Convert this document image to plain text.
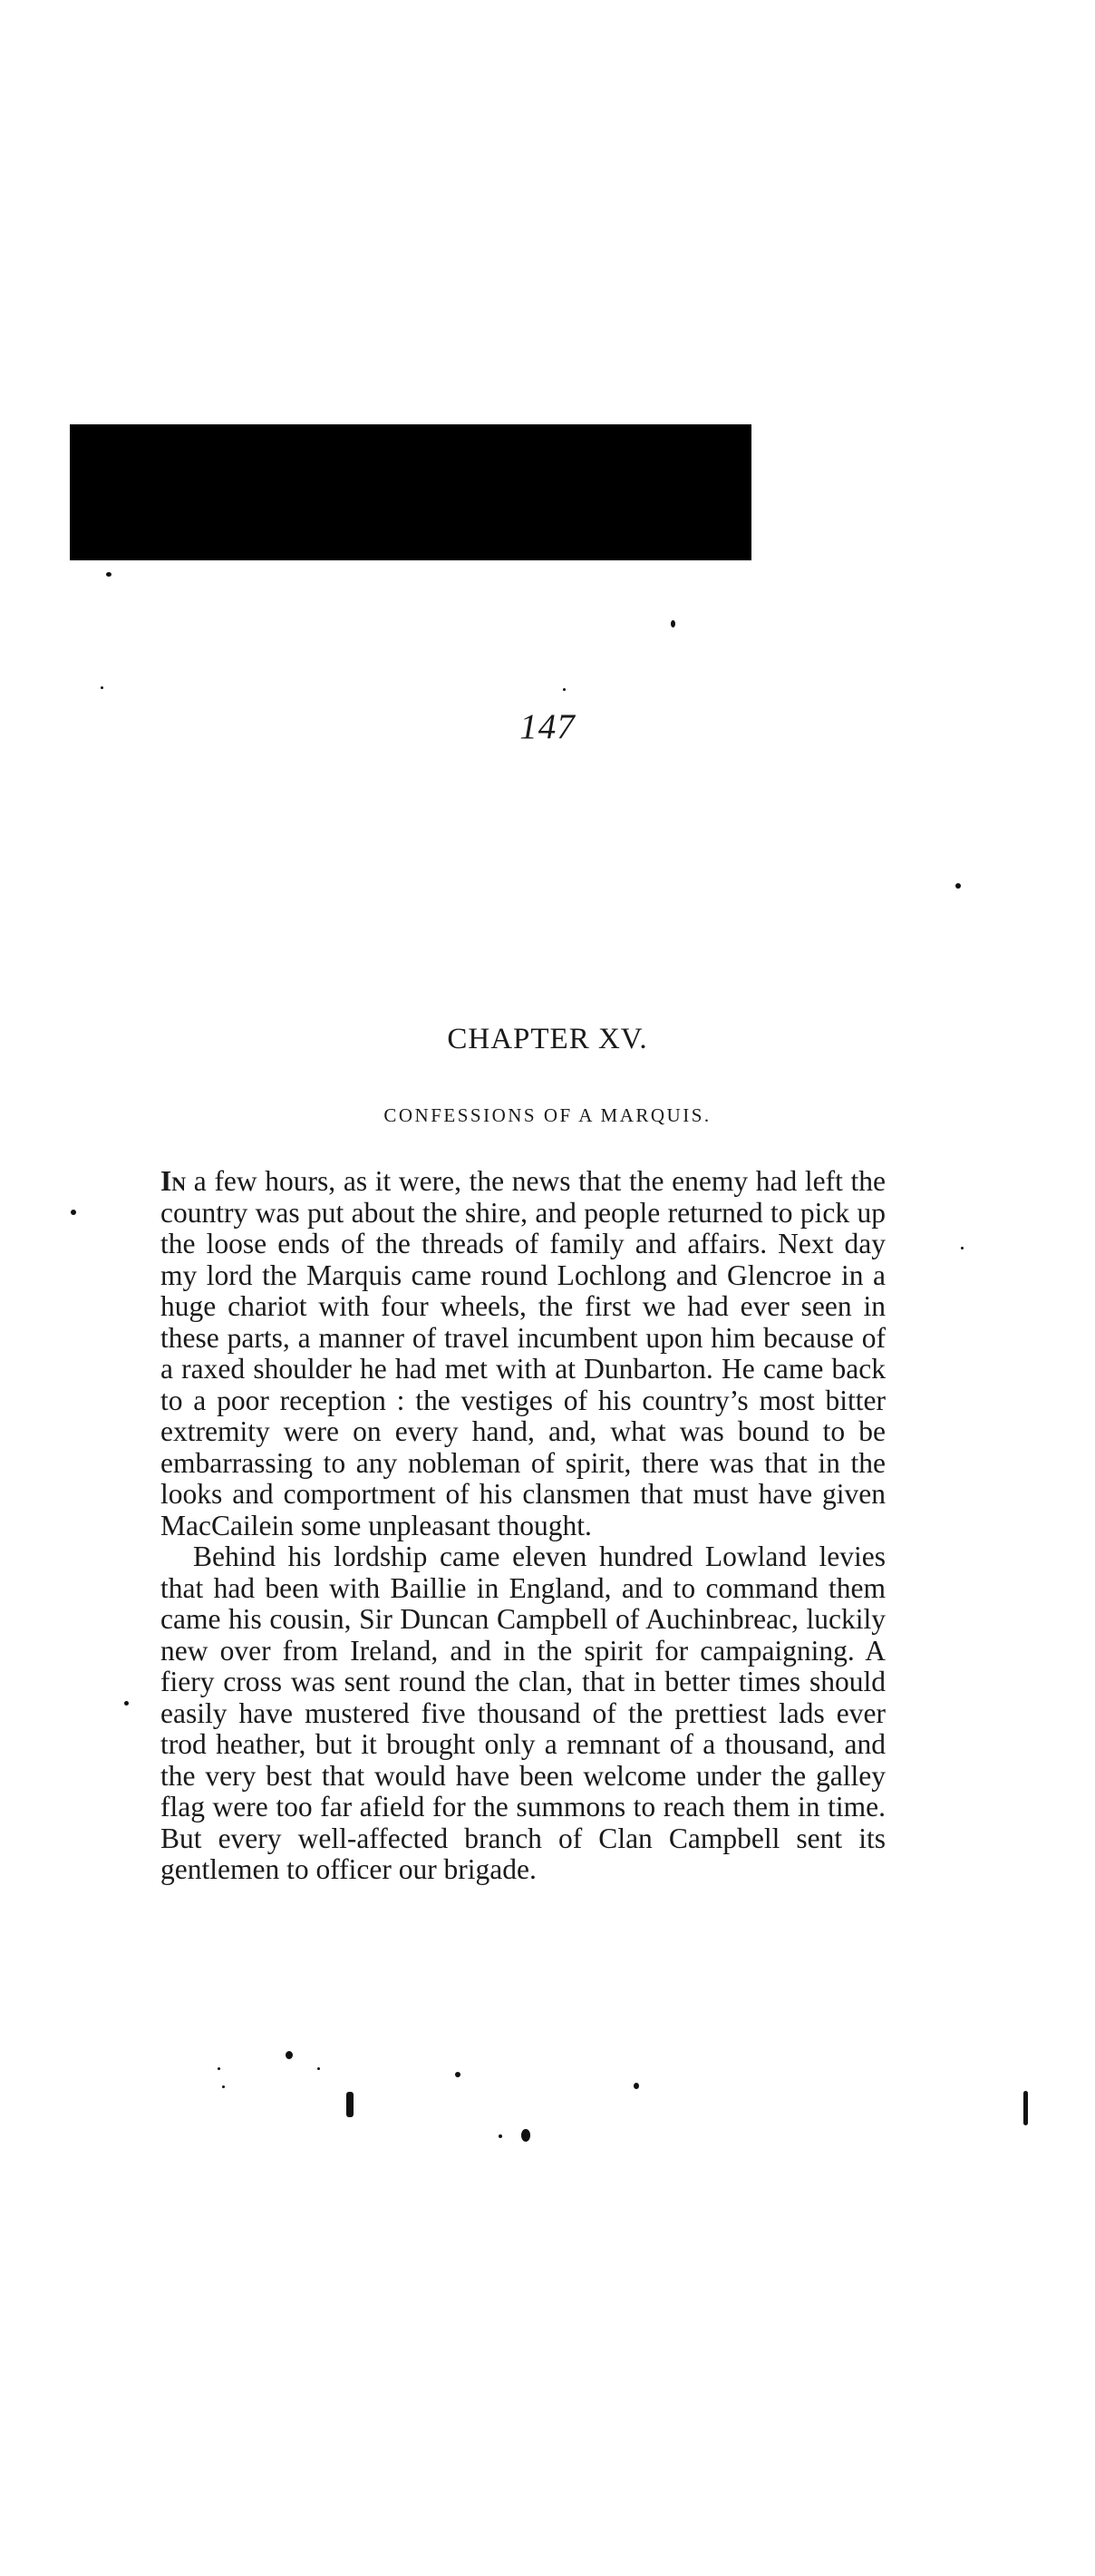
147
CHAPTER XV.
CONFESSIONS OF A MARQUIS.

In a few hours, as it were, the news that the enemy had left the country was put about the shire, and people returned to pick up the loose ends of the threads of family and affairs. Next day my lord the Marquis came round Lochlong and Glencroe in a huge chariot with four wheels, the first we had ever seen in these parts, a manner of travel incumbent upon him because of a raxed shoulder he had met with at Dunbarton. He came back to a poor reception : the vestiges of his country’s most bitter extremity were on every hand, and, what was bound to be embarrassing to any nobleman of spirit, there was that in the looks and comportment of his clansmen that must have given MacCailein some unpleasant thought.

Behind his lordship came eleven hundred Lowland levies that had been with Baillie in England, and to command them came his cousin, Sir Duncan Campbell of Auchinbreac, luckily new over from Ireland, and in the spirit for campaigning. A fiery cross was sent round the clan, that in better times should easily have mustered five thousand of the prettiest lads ever trod heather, but it brought only a remnant of a thousand, and the very best that would have been welcome under the galley flag were too far afield for the summons to reach them in time. But every well-affected branch of Clan Campbell sent its gentlemen to officer our brigade.
